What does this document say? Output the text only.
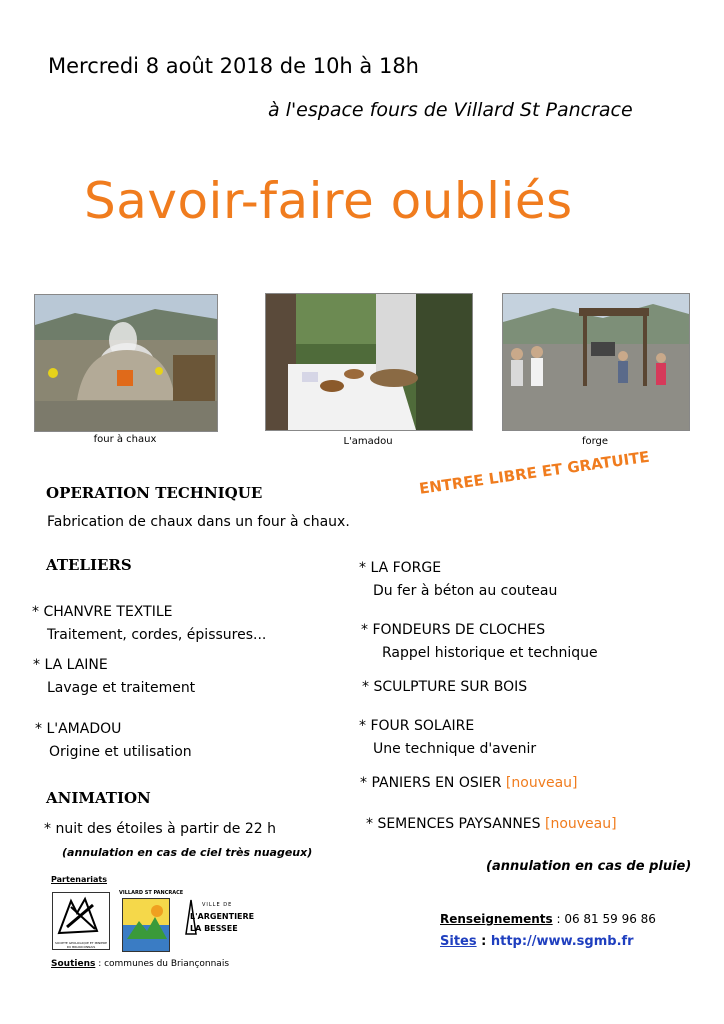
Mercredi 8 août 2018 de 10h à 18h
à l'espace fours de Villard St Pancrace
Savoir-faire oubliés
four à chaux	L'amadou	forge
ENTREE LIBRE ET GRATUITE
OPERATION TECHNIQUE
Fabrication de chaux dans un four à chaux.
ATELIERS
* CHANVRE TEXTILE
Traitement, cordes, épissures...
* LA LAINE
Lavage et traitement
* L'AMADOU
Origine et utilisation
* LA FORGE
Du fer à béton au couteau
* FONDEURS DE CLOCHES
Rappel historique et technique
* SCULPTURE SUR BOIS
* FOUR SOLAIRE
Une technique d'avenir
* PANIERS EN OSIER [nouveau]
* SEMENCES PAYSANNES [nouveau]
ANIMATION
* nuit des étoiles à partir de 22 h
(annulation en cas de ciel très nuageux)
(annulation en cas de pluie)
Partenariats
SOCIETE GEOLOGIQUE ET MINIERE DU BRIANCONNAIS
VILLARD ST PANCRACE
VILLE DE
L'ARGENTIERE
LA BESSEE
Soutiens : communes du Briançonnais
Renseignements : 06 81 59 96 86
Sites : http://www.sgmb.fr
